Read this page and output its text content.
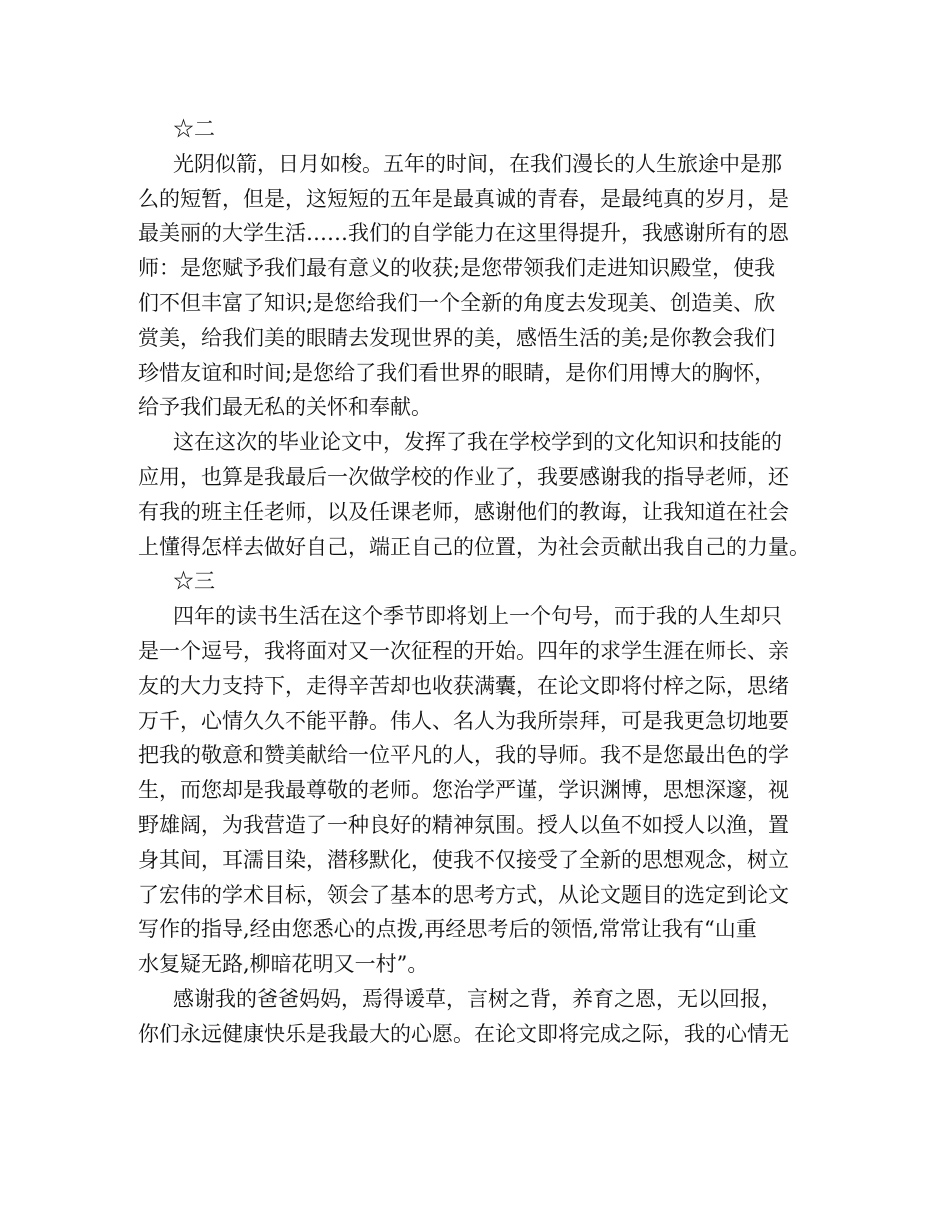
☆二
光阴似箭，日月如梭。五年的时间，在我们漫长的人生旅途中是那
么的短暂，但是，这短短的五年是最真诚的青春，是最纯真的岁月，是
最美丽的大学生活……我们的自学能力在这里得提升，我感谢所有的恩
师：是您赋予我们最有意义的收获;是您带领我们走进知识殿堂，使我
们不但丰富了知识;是您给我们一个全新的角度去发现美、创造美、欣
赏美，给我们美的眼睛去发现世界的美，感悟生活的美;是你教会我们
珍惜友谊和时间;是您给了我们看世界的眼睛，是你们用博大的胸怀，
给予我们最无私的关怀和奉献。
这在这次的毕业论文中，发挥了我在学校学到的文化知识和技能的
应用，也算是我最后一次做学校的作业了，我要感谢我的指导老师，还
有我的班主任老师，以及任课老师，感谢他们的教诲，让我知道在社会
上懂得怎样去做好自己，端正自己的位置，为社会贡献出我自己的力量。
☆三
四年的读书生活在这个季节即将划上一个句号，而于我的人生却只
是一个逗号，我将面对又一次征程的开始。四年的求学生涯在师长、亲
友的大力支持下，走得辛苦却也收获满囊，在论文即将付梓之际，思绪
万千，心情久久不能平静。伟人、名人为我所崇拜，可是我更急切地要
把我的敬意和赞美献给一位平凡的人，我的导师。我不是您最出色的学
生，而您却是我最尊敬的老师。您治学严谨，学识渊博，思想深邃，视
野雄阔，为我营造了一种良好的精神氛围。授人以鱼不如授人以渔，置
身其间，耳濡目染，潜移默化，使我不仅接受了全新的思想观念，树立
了宏伟的学术目标，领会了基本的思考方式，从论文题目的选定到论文
写作的指导,经由您悉心的点拨,再经思考后的领悟,常常让我有“山重
水复疑无路,柳暗花明又一村”。
感谢我的爸爸妈妈，焉得谖草，言树之背，养育之恩，无以回报，
你们永远健康快乐是我最大的心愿。在论文即将完成之际，我的心情无
